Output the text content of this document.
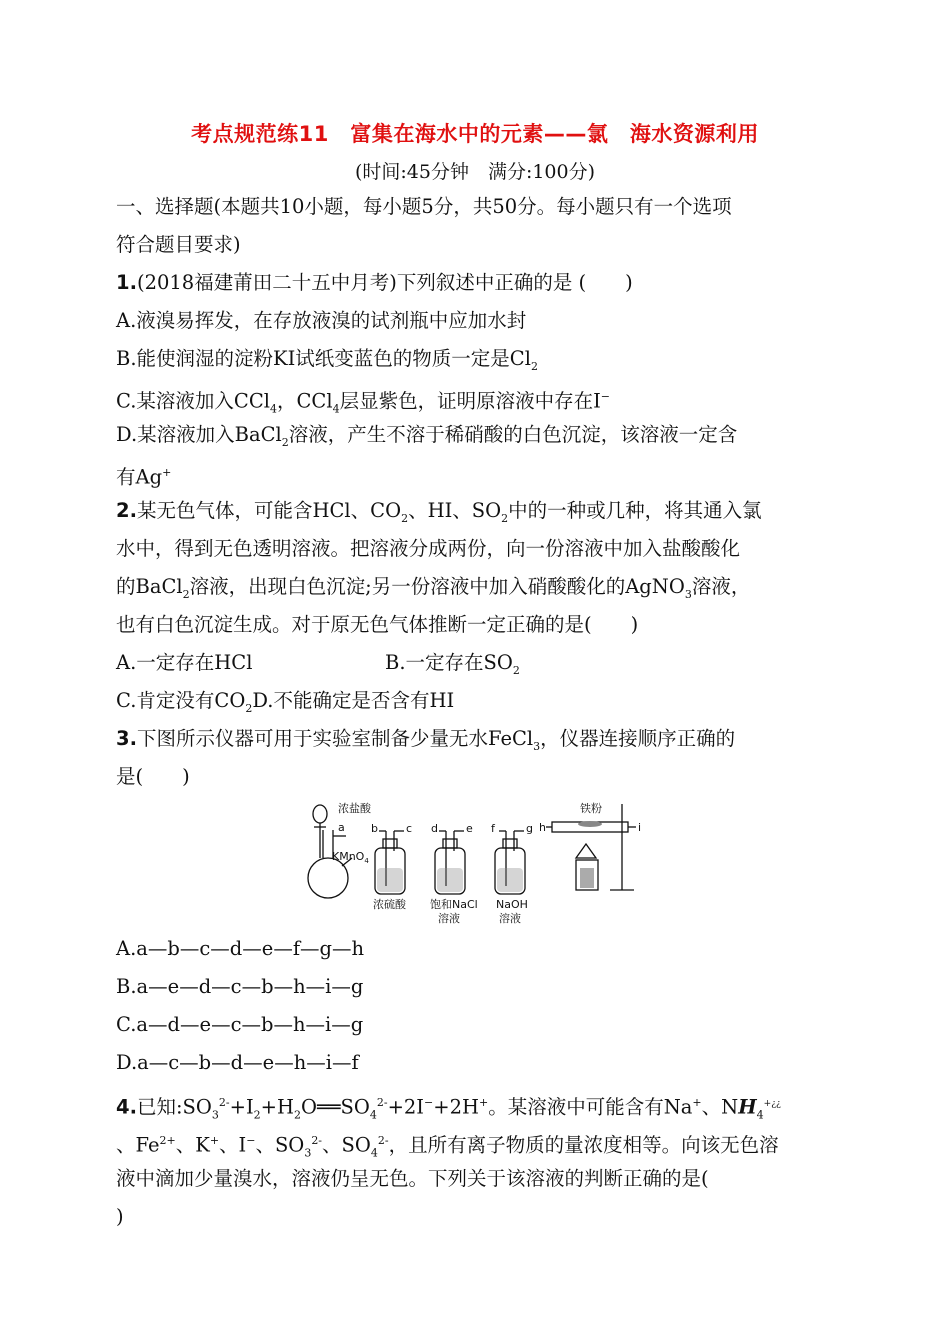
考点规范练11　富集在海水中的元素——氯　海水资源利用
(时间:45分钟　满分:100分)
一、选择题(本题共10小题，每小题5分，共50分。每小题只有一个选项
符合题目要求)
1.(2018福建莆田二十五中月考)下列叙述中正确的是 (　　)
A.液溴易挥发，在存放液溴的试剂瓶中应加水封
B.能使润湿的淀粉KI试纸变蓝色的物质一定是$Cl_2$
C.某溶液加入CCl$_4$，CCl$_4$层显紫色，证明原溶液中存在I−
D.某溶液加入BaCl$_2$溶液，产生不溶于稀硝酸的白色沉淀，该溶液一定含
有Ag+
2.某无色气体，可能含HCl、$CO_2$、HI、$SO_2$中的一种或几种，将其通入氯
水中，得到无色透明溶液。把溶液分成两份，向一份溶液中加入盐酸酸化
的BaCl$_2$溶液，出现白色沉淀;另一份溶液中加入硝酸酸化的AgNO$_3$溶液，
也有白色沉淀生成。对于原无色气体推断一定正确的是(　　)
A.一定存在HCl	B.一定存在$SO_2$
C.肯定没有$CO_2D$.不能确定是否含有HI
3.下图所示仪器可用于实验室制备少量无水FeCl$_3$，仪器连接顺序正确的
是(　　)
浓盐酸
a
KMnO$_4$
b	c d	e f	g h	i
铁粉
浓硫酸 饱和NaCl
溶液
NaOH
溶液
A.a—b—c—d—e—f—g—h
B.a—e—d—c—b—h—i—g
C.a—d—e—c—b—h—i—g
D.a—c—b—d—e—h—i—f
4.已知$:SO_3^{2-}+I_2+H_2O══SO_4^{2-}+2I^-+2H^+$。某溶液中可能含有Na+、$NH_4^{+¿¿}$
、$Fe^{2+}$、K+、I−、$SO_3^{2-}$、$SO_4^{2-}$，且所有离子物质的量浓度相等。向该无色溶
液中滴加少量溴水，溶液仍呈无色。下列关于该溶液的判断正确的是(
)
